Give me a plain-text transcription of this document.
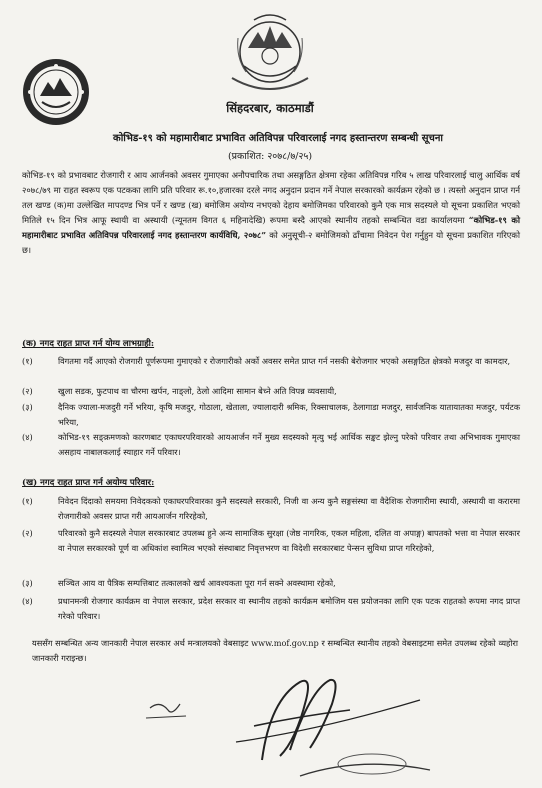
सिंहदरबार, काठमाडौं
कोभिड-१९ को महामारीबाट प्रभावित अतिविपन्न परिवारलाई नगद हस्तान्तरण सम्बन्धी सूचना
(प्रकाशित: २०७८/७/२५)
कोभिड-१९ को प्रभावबाट रोजगारी र आय आर्जनको अवसर गुमाएका अनौपचारिक तथा असङ्गठित क्षेत्रमा रहेका अतिविपन्न गरिब ५ लाख परिवारलाई चालु आर्थिक वर्ष २०७८/७९ मा राहत स्वरूप एक पटकका लागि प्रति परिवार रू.१०,हजारका दरले नगद अनुदान प्रदान गर्ने नेपाल सरकारको कार्यक्रम रहेको छ । त्यस्तो अनुदान प्राप्त गर्न तल खण्ड (क)मा उल्लेखित मापदण्ड भित्र पर्ने र खण्ड (ख) बमोजिम अयोग्य नभएको देहाय बमोजिमका परिवारको कुनै एक मात्र सदस्यले यो सूचना प्रकाशित भएको मितिले १५ दिन भित्र आफू स्थायी वा अस्थायी (न्यूनतम विगत ६ महिनादेखि) रूपमा बस्दै आएको स्थानीय तहको सम्बन्धित वडा कार्यालयमा “कोभिड-१९ को महामारीबाट प्रभावित अतिविपन्न परिवारलाई नगद हस्तान्तरण कार्यविधि, २०७८” को अनुसूची-२ बमोजिमको ढाँचामा निवेदन पेश गर्नुहुन यो सूचना प्रकाशित गरिएको छ।
(क) नगद राहत प्राप्त गर्न योग्य लाभग्राही:
(१)	विगतमा गर्दै आएको रोजगारी पूर्णरूपमा गुमाएको र रोजगारीको अर्को अवसर समेत प्राप्त गर्न नसकी बेरोजगार भएको असङ्गठित क्षेत्रको मजदुर वा कामदार,
(२)	खुला सडक, फुटपाथ वा चौरमा खर्पन, नाङ्लो, ठेलो आदिमा सामान बेच्ने अति विपन्न व्यवसायी,
(३)	दैनिक ज्याला-मजदुरी गर्ने भरिया, कृषि मजदुर, गोठाला, खेताला, ज्यालादारी श्रमिक, रिक्साचालक, ठेलागाडा मजदुर, सार्वजनिक यातायातका मजदुर, पर्यटक भरिया,
(४)	कोभिड-१९ सङ्क्रमणको कारणबाट एकाघरपरिवारको आयआर्जन गर्ने मुख्य सदस्यको मृत्यु भई आर्थिक सङ्कट झेल्नु परेको परिवार तथा अभिभावक गुमाएका असहाय नाबालकलाई स्याहार गर्ने परिवार।
(ख) नगद राहत प्राप्त गर्न अयोग्य परिवार:
(१)	निवेदन दिंदाको समयमा निवेदकको एकाघरपरिवारका कुनै सदस्यले सरकारी, निजी वा अन्य कुनै सङ्गसंस्था वा वैदेशिक रोजगारीमा स्थायी, अस्थायी वा करारमा रोजगारीको अवसर प्राप्त गरी आयआर्जन गरिरहेको,
(२)	परिवारको कुनै सदस्यले नेपाल सरकारबाट उपलब्ध हुने अन्य सामाजिक सुरक्षा (जेष्ठ नागरिक, एकल महिला, दलित वा अपाङ्ग) बापतको भत्ता वा नेपाल सरकार वा नेपाल सरकारको पूर्ण वा अधिकांश स्वामित्व भएको संस्थाबाट निवृत्तभरण वा विदेशी सरकारबाट पेन्सन सुविधा प्राप्त गरिरहेको,
(३)	सञ्चित आय वा पैत्रिक सम्पत्तिबाट तत्कालको खर्च आवश्यकता पूरा गर्न सक्ने अवस्थामा रहेको,
(४)	प्रधानमन्त्री रोजगार कार्यक्रम वा नेपाल सरकार, प्रदेश सरकार वा स्थानीय तहको कार्यक्रम बमोजिम यस प्रयोजनका लागि एक पटक राहतको रूपमा नगद प्राप्त गरेको परिवार।
यससँग सम्बन्धित अन्य जानकारी नेपाल सरकार अर्थ मन्त्रालयको वेबसाइट www.mof.gov.np र सम्बन्धित स्थानीय तहको वेबसाइटमा समेत उपलब्ध रहेको व्यहोरा जानकारी गराइन्छ।
